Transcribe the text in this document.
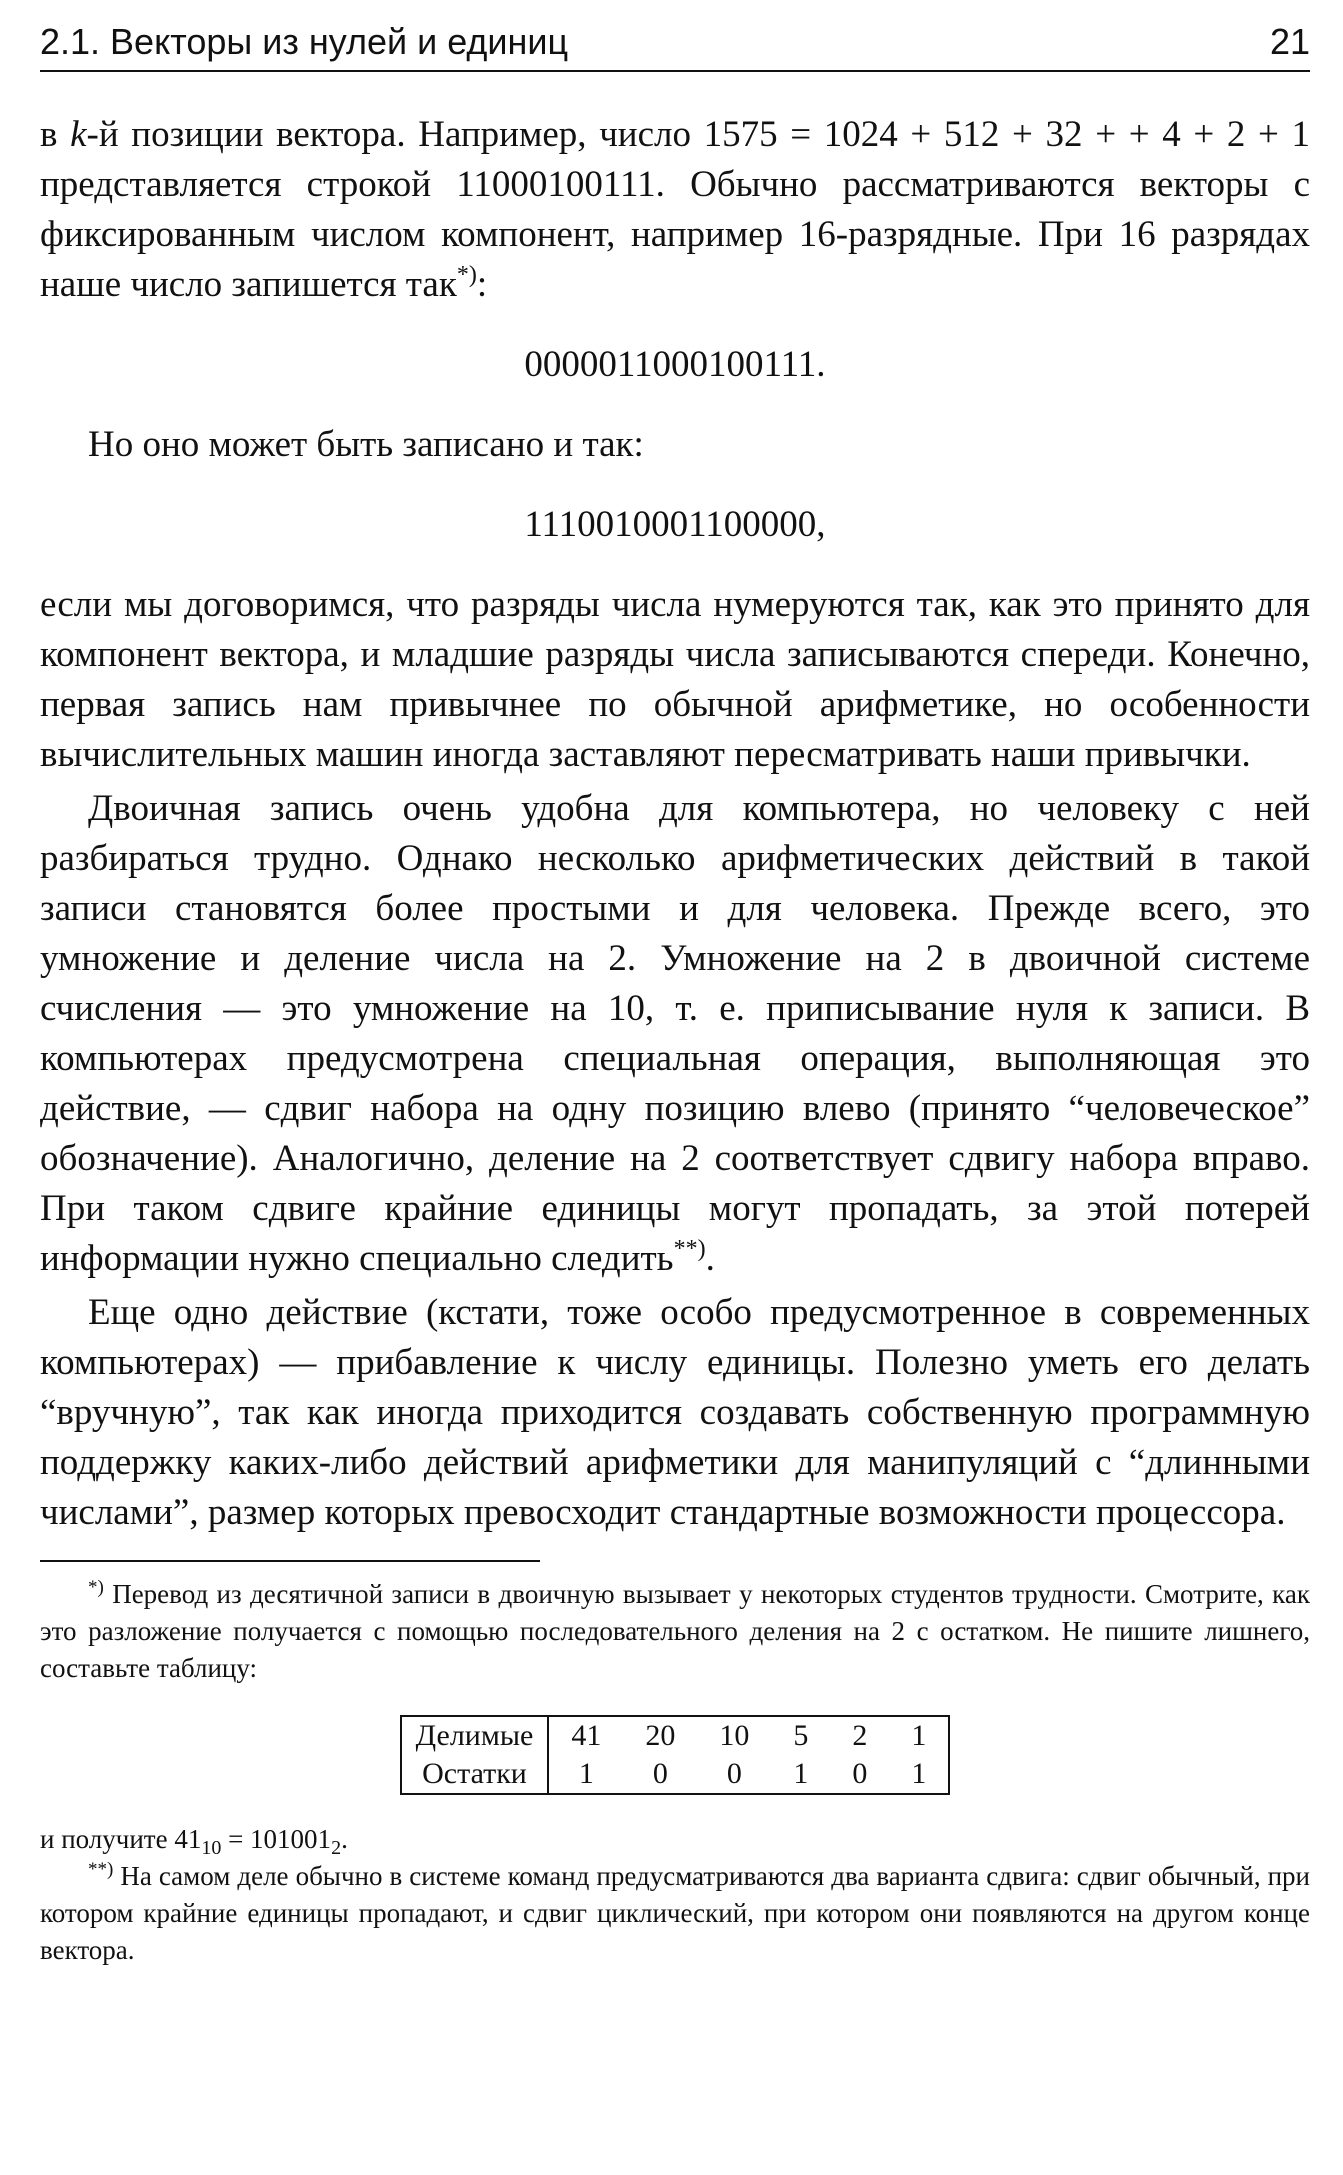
2.1. Векторы из нулей и единиц	21

в k-й позиции вектора. Например, число 1575 = 1024 + 512 + 32 + + 4 + 2 + 1 представляется строкой 11000100111. Обычно рассматриваются векторы с фиксированным числом компонент, например 16-разрядные. При 16 разрядах наше число запишется так*):

0000011000100111.

Но оно может быть записано и так:

1110010001100000,

если мы договоримся, что разряды числа нумеруются так, как это принято для компонент вектора, и младшие разряды числа записываются спереди. Конечно, первая запись нам привычнее по обычной арифметике, но особенности вычислительных машин иногда заставляют пересматривать наши привычки.

Двоичная запись очень удобна для компьютера, но человеку с ней разбираться трудно. Однако несколько арифметических действий в такой записи становятся более простыми и для человека. Прежде всего, это умножение и деление числа на 2. Умножение на 2 в двоичной системе счисления — это умножение на 10, т. е. приписывание нуля к записи. В компьютерах предусмотрена специальная операция, выполняющая это действие, — сдвиг набора на одну позицию влево (принято “человеческое” обозначение). Аналогично, деление на 2 соответствует сдвигу набора вправо. При таком сдвиге крайние единицы могут пропадать, за этой потерей информации нужно специально следить**).

Еще одно действие (кстати, тоже особо предусмотренное в современных компьютерах) — прибавление к числу единицы. Полезно уметь его делать “вручную”, так как иногда приходится создавать собственную программную поддержку каких-либо действий арифметики для манипуляций с “длинными числами”, размер которых превосходит стандартные возможности процессора.

*) Перевод из десятичной записи в двоичную вызывает у некоторых студентов трудности. Смотрите, как это разложение получается с помощью последовательного деления на 2 с остатком. Не пишите лишнего, составьте таблицу:

Делимые	41	20	10	5	2	1
Остатки	1	0	0	1	0	1

и получите $41_{10} = 101001_2$.

**) На самом деле обычно в системе команд предусматриваются два варианта сдвига: сдвиг обычный, при котором крайние единицы пропадают, и сдвиг циклический, при котором они появляются на другом конце вектора.
